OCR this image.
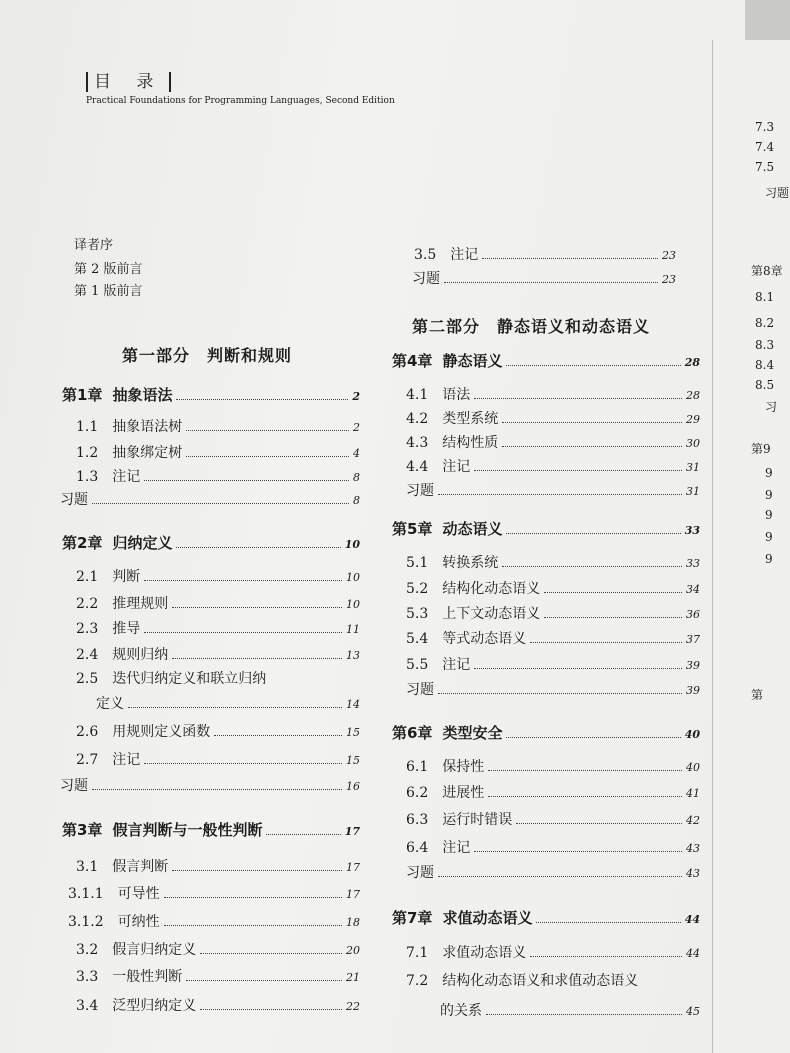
目 录
Practical Foundations for Programming Languages, Second Edition
译者序
第 2 版前言
第 1 版前言
第一部分　判断和规则
第1章 抽象语法	2
1.1 抽象语法树	2
1.2 抽象绑定树	4
1.3 注记	8
习题	8
第2章 归纳定义	10
2.1 判断	10
2.2 推理规则	10
2.3 推导	11
2.4 规则归纳	13
2.5 迭代归纳定义和联立归纳
定义	14
2.6 用规则定义函数	15
2.7 注记	15
习题	16
第3章 假言判断与一般性判断	17
3.1 假言判断	17
3.1.1 可导性	17
3.1.2 可纳性	18
3.2 假言归纳定义	20
3.3 一般性判断	21
3.4 泛型归纳定义	22
3.5 注记	23
习题	23
第二部分　静态语义和动态语义
第4章 静态语义	28
4.1 语法	28
4.2 类型系统	29
4.3 结构性质	30
4.4 注记	31
习题	31
第5章 动态语义	33
5.1 转换系统	33
5.2 结构化动态语义	34
5.3 上下文动态语义	36
5.4 等式动态语义	37
5.5 注记	39
习题	39
第6章 类型安全	40
6.1 保持性	40
6.2 进展性	41
6.3 运行时错误	42
6.4 注记	43
习题	43
第7章 求值动态语义	44
7.1 求值动态语义	44
7.2 结构化动态语义和求值动态语义
的关系	45
7.3
7.4
7.5
习题
第8章
8.1
8.2
8.3
8.4
8.5
习
第9
9
9
9
9
9
第
